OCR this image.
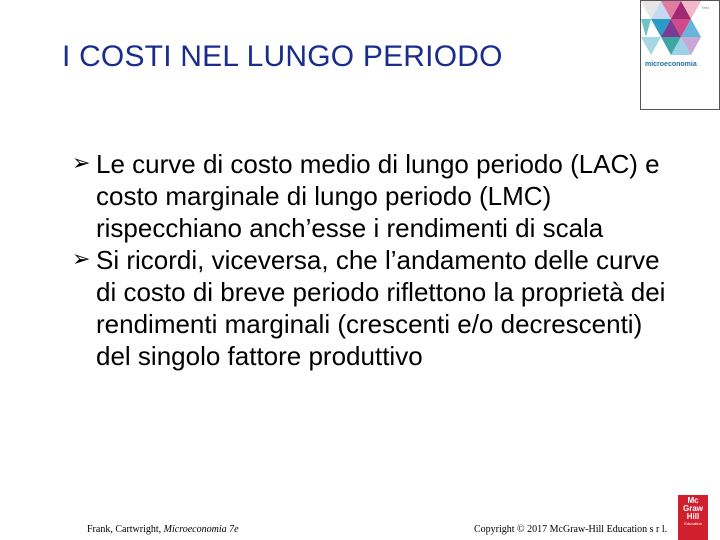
I COSTI NEL LUNGO PERIODO
7/ed
microeconomia
➢ Le curve di costo medio di lungo periodo (LAC) e costo marginale di lungo periodo (LMC) rispecchiano anch’esse i rendimenti di scala
➢ Si ricordi, viceversa, che l’andamento delle curve di costo di breve periodo riflettono la proprietà dei rendimenti marginali (crescenti e/o decrescenti) del singolo fattore produttivo
Frank, Cartwright, Microeconomia 7e	Copyright © 2017 McGraw-Hill Education s r l.
Mc
Graw
Hill
Education
